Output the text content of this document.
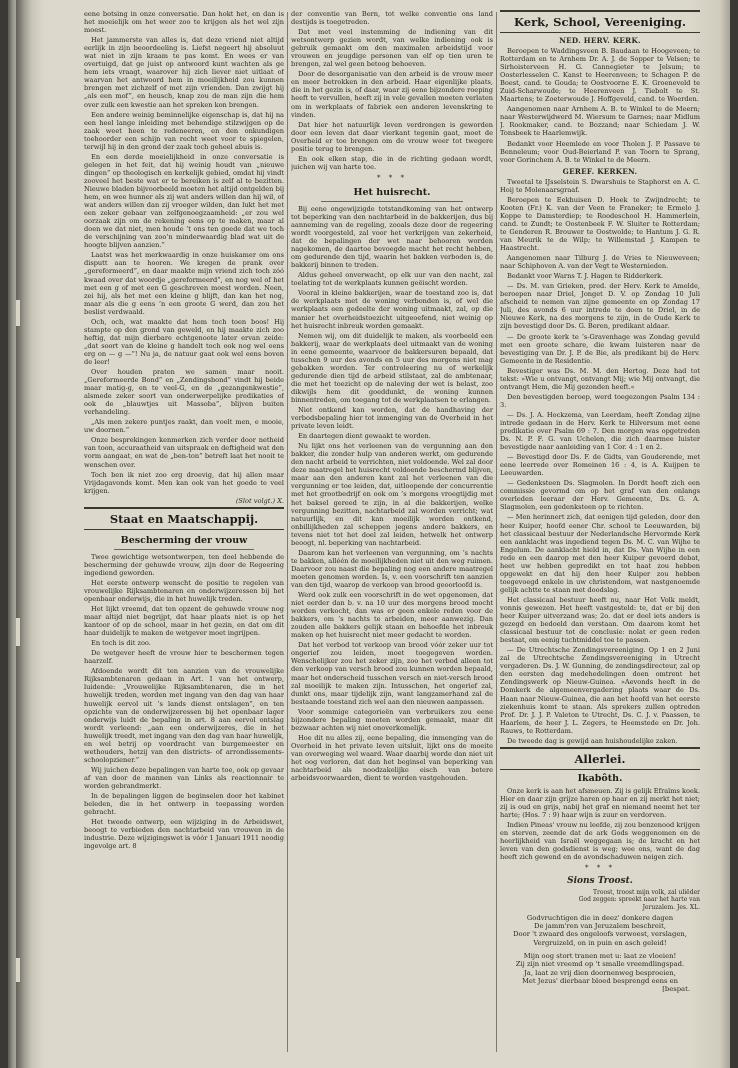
eene botsing in onze conversatie. Dan hokt het, en dan is het moeielijk om het weer zoo te krijgen als het wel zijn moest.

Het jammerste van alles is, dat deze vriend niet altijd eerlijk in zijn beoordeeling is. Liefst negeert hij absoluut wat niet in zijn kraam te pas komt. En wees er van overtuigd, dat ge juist op antwoord kunt wachten als ge hem iets vraagt, waarover hij zich liever niet uitlaat of waarvan het antwoord hem in moeilijkheid zou kunnen brengen met zichzelf of met zijn vrienden. Dan zwijgt hij „als een mof”, en heusch, knap zou de man zijn die hem over zulk een kwestie aan het spreken kon brengen.

Een andere weinig beminnelijke eigenschap is, dat hij na een heel lange inleiding met behendige stilzwijgen op de zaak weet heen te redeneeren, en den onkundigen toehoorder een schijn van recht weet voor te spiegelen, terwijl hij in den grond der zaak toch geheel abuis is.

En een derde moeielijkheid in onze conversatie is gelegen in het feit, dat hij weinig houdt van „nieuwe dingen” op theologisch en kerkelijk gebied, omdat hij vindt zooveel het beste wat er te bereiken is zelf al te bezitten. Nieuwe bladen bijvoorbeeld moeten het altijd ontgelden bij hem, en wee hunner als zij wat anders willen dan hij wil, of wat anders willen dan zij vroeger wilden, dan lukt het met een zeker gebaar van zelfgenoegzaamheid: „er zou wel oorzaak zijn om de rekening eens op te maken, maar al doen we dat niet, men houde ’t ons ten goede dat we toch de verschijning van zoo’n minderwaardig blad wat uit de hoogte blijven aanzien.”

Laatst was het merkwaardig in onze huiskamer om ons disputt aan te hooren. We kregen de prank over „gereformeerd”, en daar maakte mijn vriend zich toch zóó kwaad over dat woordje „gereformeerd”, en nog wel of het met een g of met een G geschreven moest worden. Neen, zei hij, als het met een kleine g blijft, dan kan het nog, maar als die g eens ’n een groote G werd, dan zou het beslist verdwaald.

Och, och, wat maakte dat hem toch toen boos! Hij stampte op den grond van geweld, en hij maakte zich zoo heftig, dat mijn dierbare echtgenoote later ervan zeide: „dat soort van de kleine g handelt toch ook nog wel eens erg on — g —”! Nu ja, de natuur gaat ook wel eens boven de leer!

Over houden praten we samen maar nooit. „Gereformeerde Bond” en „Zendingsbond” vindt hij beide maar matig-g, en te veel-G, en de „gezangenkwestie”, alsmede zeker soort van onderwerpelijke predikaties of ook de „blauwtjes uit Massoba”, blijven buiten verhandeling.

„Als men zekere puntjes raakt, dan voelt men, e mooie, uw doornen.”

Onze besprekingen kenmerken zich verder door netheid van toon, accuraatheid van uitspraak en deftigheid wat den vorm aangaat, en wat de „ben-ton” betreft laat het nooit te wenschen over.

Toch ben ik niet zoo erg droevig, dat hij allen maar Vrijdagavonds komt. Men kan ook van het goede te veel krijgen.

(Slot volgt.) X.
Staat en Maatschappij.
Bescherming der vrouw

Twee gewichtige wetsontwerpen, ten doel hebbende de bescherming der gehuwde vrouw, zijn door de Regeering ingediend geworden.

Het eerste ontwerp wenscht de positie te regelen van vrouwelijke Rijksambtenaren en onderwijzeressen bij het openbaar onderwijs, die in het huwelijk treden.

Het lijkt vreemd, dat ten opzent de gehuwde vrouw nog maar altijd niet begrijpt, dat haar plaats niet is op het kantoor of op de school, maar in het gezin, en dat om dit haar duidelijk te maken de wetgever moet ingrijpen.

En toch is dit zoo.

De wetgever heeft de vrouw hier te beschermen tegen haarzelf.

Afdoende wordt dit ten aanzien van de vrouwelijke Rijksambtenaren gedaan in Art. I van het ontwerp, luidende: „Vrouwelijke Rijksambtenaren, die in het huwelijk treden, worden met ingang van den dag van haar huwelijk eervol uit ’s lands dienst ontslagen”, en ten opzichte van de onderwijzeressen bij het openbaar lager onderwijs luidt de bepaling in art. 8 aan eervol ontslag wordt verleend: „aan een onderwijzeres, die in het huwelijk treedt, met ingang van den dag van haar huwelijk, en wel betrij op voordracht van burgemeester en wethouders, hetzij van den districts- of arrondissements-schoolopziener.”

Wij juichen deze bepalingen van harte toe, ook op gevaar af van door de mannen van Links als reactionnair te worden gebrandmerkt.

In de bepalingen liggen de beginselen door het kabinet beleden, die in het ontwerp in toepassing worden gebracht.

Het tweede ontwerp, een wijziging in de Arbeidswet, beoogt te verbieden den nachtarbeid van vrouwen in de industrie. Deze wijzigingswet is vóór 1 Januari 1911 noodig ingevolge art. 8

der conventie van Bern, tot welke conventie ons land destijds is toegetreden.

Dat met veel instemming de indiening van dit wetsontwerp gezien wordt, van welke indiening ook is gebruik gemaakt om den maximalen arbeidstijd voor vrouwen en jeugdige personen van elf op tien uren te brengen, zal wel geen betoog behoeven.

Door de desorganisatie van den arbeid is de vrouw meer en meer betrokken in den arbeid. Haar eigenlijke plaats, die in het gezin is, of daar, waar zij eene bijzondere roeping heeft te vervullen, heeft zij in vele gevallen moeten verlaten om in werkplaats of fabriek een anderen levenskring te vinden.

Dat hier het natuurlijk leven verdrongen is geworden door een leven dat daar vierkant tegenin gaat, moet de Overheid er toe brengen om de vrouw weer tot twegere positie terug te brengen.

En ook elken stap, die in de richting gedaan wordt, juichen wij van harte toe.

* * *
Het huisrecht.

Bij eene ongewijzigde totstandkoming van het ontwerp tot beperking van den nachtarbeid in de bakkerijen, dus bij aanneming van de regeling, zooals deze door de regeering wordt voorgesteld, zal voor het verkrijgen van zekerheid, dat de bepalingen der wet naar behooren worden nagekomen, de daartoe bevoegde macht het recht hebben, om gedurende den tijd, waarin het bakken verboden is, de bakkerij binnen te treden.

Aldus geheel onverwacht, op elk uur van den nacht, zal toelating tot de werkplaats kunnen geëischt worden.

Vooral in kleine bakkerijen, waar de toestand zoo is, dat de werkplaats met de woning verbonden is, of wel die werkplaats een gedeelte der woning uitmaakt, zal, op die manier het overheidstoezicht uitgeoefend, niet weinig op het huisrecht inbreuk worden gemaakt.

Nemen wij, om dit duidelijk te maken, als voorbeeld een bakkerij, waar de werkplaats deel uitmaakt van de woning in eene gemeente, waarvoor de bakkersuren bepaald, dat tusschen 9 uur des avonds en 5 uur des morgens niet mag gebakken worden. Ter controleering nu of werkelijk gedurende dien tijd de arbeid stilstaat, zal de ambtenaar, die met het toezicht op de naleving der wet is belast, zoo dikwijls hem dit goeddunkt, de woning kunnen binnentreden, om toegang tot de werkplaatsen te erlangen.

Niet ontkend kan worden, dat de handhaving der verbodsbepaling hier tot inmenging van de Overheid in het private leven leidt.

En daartegen dient gewaakt te worden.

Nu lijkt ons het verleenen van de vergunning aan den bakker, die zonder hulp van anderen werkt, om gedurende den nacht arbeid te verrichten, niet voldoende. Wel zal door deze maatregel het huisrecht voldoende beschermd blijven, maar aan den anderen kant zal het verleenen van die vergunning er toe leiden, dat, uitloopende der concurrentie met het grootbedrijf en ook om ’s morgens vroegtijdig met het baksel gereed te zijn, in al die bakkerijen, welke vergunning bezitten, nachtarbeid zal worden verricht; wat natuurlijk, en dit kan moeilijk worden ontkend, onbillijkheden zal scheppen jegens andere bakkers, en tevens niet tot het doel zal leiden, hetwelk het ontwerp beoogt, nl. beperking van nachtarbeid.

Daarom kan het verleenen van vergunning, om ’s nachts te bakken, alléén de moeilijkheden niet uit den weg ruimen. Daarvoor zou naast die bepaling nog een andere maatregel moeten genomen worden. Is, v. een voorschrift ten aanzien van den tijd, waarop de verkoop van brood geoorloofd is.

Werd ook zulk een voorschrift in de wet opgenomen, dat niet eerder dan b. v. na 10 uur des morgens brood mocht worden verkocht, dan was er geen enkele reden voor de bakkers, om ’s nachts te arbeiden, meer aanwezig. Dan zouden alle bakkers gelijk staan en behoefde het inbreuk maken op het huisrecht niet meer gedacht te worden.

Dat het verbod tot verkoop van brood vóór zeker uur tot ongerief zou leiden, moet toegegeven worden. Wenschelijker zou het zeker zijn, zoo het verbod alleen tot den verkoop van versch brood zou kunnen worden bepaald, maar het onderscheid tusschen versch en niet-versch brood zal moeilijk te maken zijn. Intusschen, het ongerief zal, dunkt ons, maar tijdelijk zijn, want langzamerhand zal de bestaande toestand zich wel aan den nieuwen aanpassen.

Voor sommige categorieën van verbruikers zou eene bijzondere bepaling moeten worden gemaakt, maar dit bezwaar achten wij niet onoverkomelijk.

Hoe dit nu alles zij, eene bepaling, die inmenging van de Overheid in het private leven uitsluit, lijkt ons de moeite van overweging wel waard. Waar daarbij worde dan niet uit het oog verloren, dat dan het beginsel van beperking van nachtarbeid als noodzakelijke eisch van betere arbeidsvoorwaarden, dient te worden vastgehouden.

Kerk, School, Vereeniging.
NED. HERV. KERK.

Beroepen te Waddingsveen B. Baudaan te Hoogeveen; te Rotterdam en te Arnhem Dr. A. J. de Sopper te Velsen; te Sirhoisterveen H. G. Cannegieter te Jelsum; te Oosterlesselen C. Kanst te Heerenveen; te Schagen P. de Boest, cand. te Gouda; te Oostvoorne E. K. Groeneveld te Zuid-Scharwoude; te Heerenveen J. Tiebolt te St. Maartens; te Zoeterwoude J. Hoffgeveld, cand. te Woerden.

Aangenomen naar Arnhem A. B. te Winkel te de Meern; naar Westerwijdwerd M. Wiersum te Garnes; naar Midlum J. Rookmaker, cand. te Bozzand; naar Schiedam J. W. Tonsbeek te Haarlemwijk.

Bedankt voor Heemlede en voor Tholen J. P. Passave te Benneleum; voor Oud-Beierland P. van Toorn te Sprang, voor Gorinchem A. B. te Winkel te de Meern.

GEREF. KERKEN.

Tweetal te IJsselstein S. Dwarshuis te Staphorst en A. C. Hoij te Molenaarsgraaf.

Beroepen te Eekhuisen D. Hoek te Zwijndrecht; te Kooten (Fr.) K. van der Veen te Franeker; te Ermelo J. Koppe te Damsterdiep; te Roodeschool H. Hammerlein, cand. te Zundt; te Oostenbeek F. W. Sluiter te Rotterdam; te Genderen R. Brouwer te Oostwolde; te Hantum J. G. R. van Meurik te de Wilp; te Willemstad J. Kampen te Haastrecht.

Aangenomen naar Tilburg J. de Vries te Nieuweveen; naar Schiphoven A. van der Vegt te Westernieden.

Bedankt voor Warns T. J. Hagen te Ridderkerk.

— Ds. M. van Grieken, pred. der Herv. Kerk te Amelde, beroepen naar Driel, Jonget D. V. op Zondag 10 Juli afscheid te nemen van zijne gemeente en op Zondag 17 Juli, des avonds 6 uur intrede te doen te Driel, in de Nieuwe Kerk, na des morgens te zijn, in de Oude Kerk te zijn bevestigd door Ds. G. Beren, predikant aldaar.

— De groote kerk te ’s-Gravenhage was Zondag gevuld met een groote schare, die kwam luisteren naar de bevestiging van Dr. J. P. de Bie, als predikant bij de Herv. Gemeente in de Residentie.

Bevestiger was Ds. M. M. den Hertog. Deze had tot tekst: »Wie u ontvangt, ontvangt Mij; wie Mij ontvangt, die ontvangt Hem, die Mij gezonden heeft.«

Den bevestigden beroep, werd toegezongen Psalm 134 : 3.

— Ds. J. A. Hockzema, van Leerdam, heeft Zondag zijne intrede gedaan in de Herv. Kerk te Hilversum met eene predikatie over Psalm 69 : 7. Den morgen was opgetreden Ds. N. P. F. G. van Uchelen, die zich daarmee luister bevestigde naar aanleiding van 1 Cor. 4 : 1 en 2.

— Bevestigd door Ds. F. de Gidts, van Gouderende, met eene leerrede over Romeinen 16 : 4, is A. Kuijpen te Leeuwarden.

— Gedenksteen Ds. Slagmolen. In Dordt heeft zich een commissie gevormd om op het graf van den onlangs overleden leeraar der Herv. Gemeente, Ds. G. A. Slagmolen, een gedenksteen op te richten.

— Men herinnert zich, dat eenigen tijd geleden, door den heer Kuiper, hoofd eener Chr. school te Leeuwarden, bij het classicaal bestuur der Nederlandsche Hervormde Kerk een aanklacht was ingediend tegen Ds. M. C. van Wijhe te Engelum. De aanklacht hield in, dat Ds. Van Wijhe in een rede en een daarop met den heer Kuiper gevoerd debat, heet uw hebben gepredikt en tot haat zou hebben opgewekt en dat hij den heer Kuiper zou hebben toegevoegd enkele in uw christendom, wat nastgenoemde gelijk achtte te staan met doodslag.

Het classicaal bestuur heeft nu, naar Het Volk meldt, vonnis gewezen. Het heeft vastgesteld: te, dat er bij den heer Kuiper uitverzand was; 2o. dat er deel iets anders is gezegd en bedoeld dan verstaan. Om daarom komt het classicaal bestuur tot de conclusie: nolat er geen reden bestaat, om eenig tuchtmiddel toe te passen.

— De Utrechtsche Zendingsvereeniging. Op 1 en 2 Juni zal de Utrechtsche Zendingsvereeniging in Utrecht vergaderen. Ds. J. W. Gunning, de zendingsdirecteur, zal op den eersten dag medehedelingen doen omtrent het Zendingswerk op Nieuw-Guinea. »Aevonds heeft in de Domkerk de algemeenvergadering plaats waar de Ds. Haan naar Nieuw-Guinea, die aan het hoofd van het eerste ziekenhuis komt te staan. Als sprekers zullen optreden Prof. Dr. J. J. P. Valeton te Utrecht, Ds. C. J. v. Paassen, te Haarlem, de heer J. L. Zegers, te Heemstede en Dr. Joh. Rauws, te Rotterdam.

De tweede dag is gewijd aan huishoudelijke zaken.

Allerlei.
Ikabôth.

Onze kerk is aan het afsmeuen. Zij is gelijk Efraïms koek. Hier en daar zijn grijze haren op haar en zij merkt het niet; zij is oud en grijs, nabij het graf en niemand neemt het ter harte; (Hos. 7 : 9) haar wijn is zuur en verdorven.

Indien Pineas' vrouw nu leefde, zij zou benzenood krijgen en sterven, zeende dat de ark Gods weggenomen en de heerlijkheid van Israël weggegaan is; de kracht en het leven van den godsdienst is weg; wee ons, want de dag heeft zich gewend en de avondschaduwen neigen zich.

* * *
Sions Troost.
Troost, troost mijn volk, zal uliëder
God zeggen: spreekt naar het harte van
Jeruzalem. Jes. XL.
Godvruchtigen die in deez' donkere dagen
De jamm'ren van Jeruzalem beschreit,
Door 't zwaard des ongeloofs verwoest, verslagen,
Vergruizeld, on in puin en asch geleid!
Mijn oog stort tranen met u: laat ze vloeien!
Zij zijn niet vreemd op 't smalle vreemdlingspad.
Ja, laat ze vrij dien doornenweg besproeien,
Met Jezus' dierbaar bloed besprengd eens en
[bespat.
